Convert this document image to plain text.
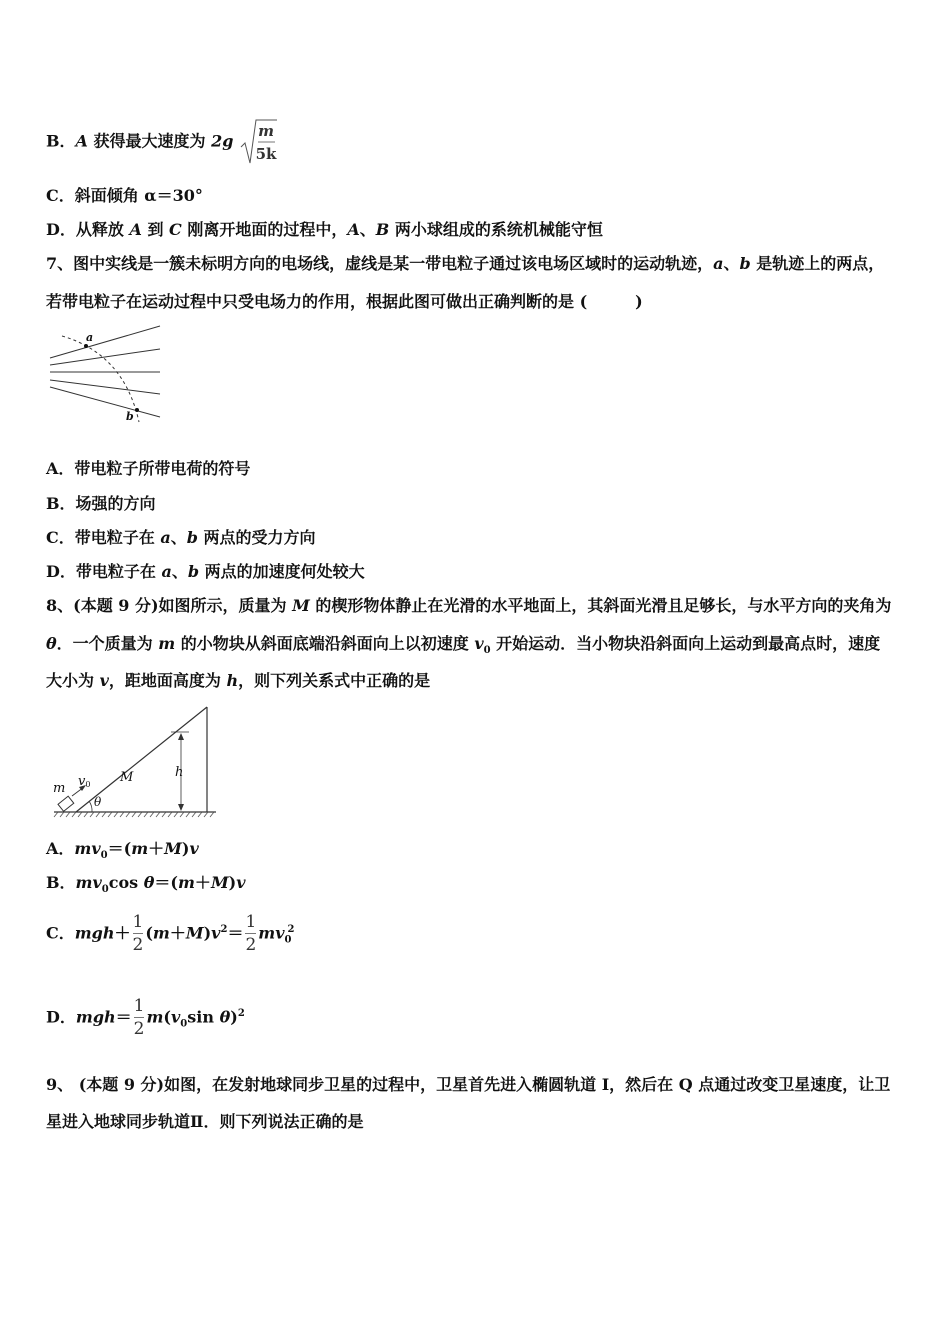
B．A 获得最大速度为 2g
m
5k
C．斜面倾角 α＝30°
D．从释放 A 到 C 刚离开地面的过程中，A、B 两小球组成的系统机械能守恒
7、图中实线是一簇未标明方向的电场线，虚线是某一带电粒子通过该电场区域时的运动轨迹，a、b 是轨迹上的两点，
若带电粒子在运动过程中只受电场力的作用，根据此图可做出正确判断的是 (　　　)
a
b
A．带电粒子所带电荷的符号
B．场强的方向
C．带电粒子在 a、b 两点的受力方向
D．带电粒子在 a、b 两点的加速度何处较大
8、(本题 9 分)如图所示，质量为 M 的楔形物体静止在光滑的水平地面上，其斜面光滑且足够长，与水平方向的夹角为
θ．一个质量为 m 的小物块从斜面底端沿斜面向上以初速度 $v_0$ 开始运动．当小物块沿斜面向上运动到最高点时，速度
大小为 v，距地面高度为 h，则下列关系式中正确的是
m v0 M	h
θ
A．$mv_0=(m+M)v$
B．$mv_0\cos$ θ＝(m＋M)v
C．$mgh+ \frac{1}{2} (m+M)v^2= \frac{1}{2} mv_0^2$
D．$mgh= \frac{1}{2} m(v_0\sin$ θ)$^2$
9、 (本题 9 分)如图，在发射地球同步卫星的过程中，卫星首先进入椭圆轨道 I，然后在 Q 点通过改变卫星速度，让卫
星进入地球同步轨道Ⅱ．则下列说法正确的是
